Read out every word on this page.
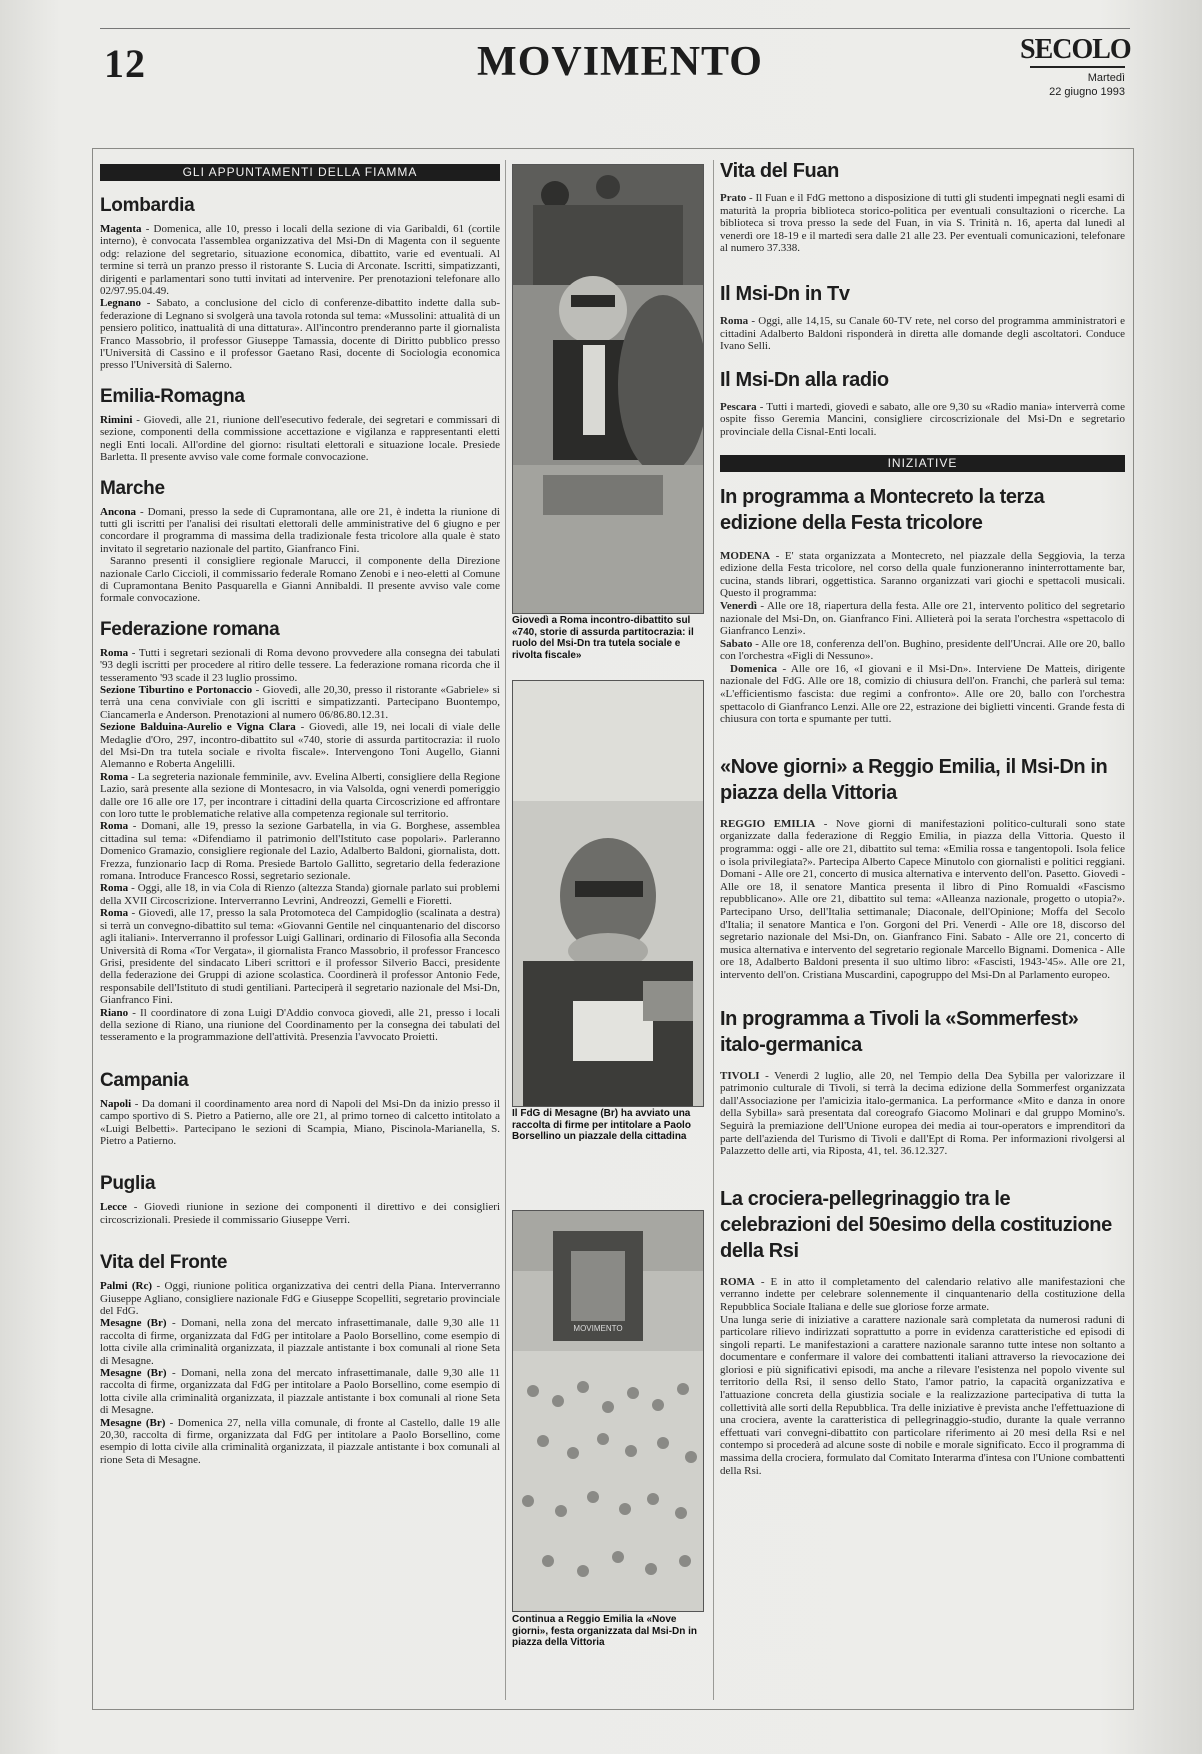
12	MOVIMENTO	SECOLO
Martedì
22 giugno 1993
GLI APPUNTAMENTI DELLA FIAMMA
Lombardia

Magenta - Domenica, alle 10, presso i locali della sezione di via Garibaldi, 61 (cortile interno), è convocata l'assemblea organizzativa del Msi-Dn di Magenta con il seguente odg: relazione del segretario, situazione economica, dibattito, varie ed eventuali. Al termine si terrà un pranzo presso il ristorante S. Lucia di Arconate. Iscritti, simpatizzanti, dirigenti e parlamentari sono tutti invitati ad intervenire. Per prenotazioni telefonare allo 02/97.95.04.49.

Legnano - Sabato, a conclusione del ciclo di conferenze-dibattito indette dalla sub-federazione di Legnano si svolgerà una tavola rotonda sul tema: «Mussolini: attualità di un pensiero politico, inattualità di una dittatura». All'incontro prenderanno parte il giornalista Franco Massobrio, il professor Giuseppe Tamassia, docente di Diritto pubblico presso l'Università di Cassino e il professor Gaetano Rasi, docente di Sociologia economica presso l'Università di Salerno.

Emilia-Romagna

Rimini - Giovedì, alle 21, riunione dell'esecutivo federale, dei segretari e commissari di sezione, componenti della commissione accettazione e vigilanza e rappresentanti eletti negli Enti locali. All'ordine del giorno: risultati elettorali e situazione locale. Presiede Barletta. Il presente avviso vale come formale convocazione.

Marche

Ancona - Domani, presso la sede di Cupramontana, alle ore 21, è indetta la riunione di tutti gli iscritti per l'analisi dei risultati elettorali delle amministrative del 6 giugno e per concordare il programma di massima della tradizionale festa tricolore alla quale è stato invitato il segretario nazionale del partito, Gianfranco Fini.

Saranno presenti il consigliere regionale Marucci, il componente della Direzione nazionale Carlo Ciccioli, il commissario federale Romano Zenobi e i neo-eletti al Comune di Cupramontana Benito Pasquarella e Gianni Annibaldi. Il presente avviso vale come formale convocazione.

Federazione romana

Roma - Tutti i segretari sezionali di Roma devono provvedere alla consegna dei tabulati '93 degli iscritti per procedere al ritiro delle tessere. La federazione romana ricorda che il tesseramento '93 scade il 23 luglio prossimo.

Sezione Tiburtino e Portonaccio - Giovedì, alle 20,30, presso il ristorante «Gabriele» si terrà una cena conviviale con gli iscritti e simpatizzanti. Partecipano Buontempo, Ciancamerla e Anderson. Prenotazioni al numero 06/86.80.12.31.

Sezione Balduina-Aurelio e Vigna Clara - Giovedì, alle 19, nei locali di viale delle Medaglie d'Oro, 297, incontro-dibattito sul «740, storie di assurda partitocrazia: il ruolo del Msi-Dn tra tutela sociale e rivolta fiscale». Intervengono Toni Augello, Gianni Alemanno e Roberta Angelilli.

Roma - La segreteria nazionale femminile, avv. Evelina Alberti, consigliere della Regione Lazio, sarà presente alla sezione di Montesacro, in via Valsolda, ogni venerdì pomeriggio dalle ore 16 alle ore 17, per incontrare i cittadini della quarta Circoscrizione ed affrontare con loro tutte le problematiche relative alla competenza regionale sul territorio.

Roma - Domani, alle 19, presso la sezione Garbatella, in via G. Borghese, assemblea cittadina sul tema: «Difendiamo il patrimonio dell'Istituto case popolari». Parleranno Domenico Gramazio, consigliere regionale del Lazio, Adalberto Baldoni, giornalista, dott. Frezza, funzionario Iacp di Roma. Presiede Bartolo Gallitto, segretario della federazione romana. Introduce Francesco Rossi, segretario sezionale.

Roma - Oggi, alle 18, in via Cola di Rienzo (altezza Standa) giornale parlato sui problemi della XVII Circoscrizione. Interverranno Levrini, Andreozzi, Gemelli e Fioretti.

Roma - Giovedì, alle 17, presso la sala Protomoteca del Campidoglio (scalinata a destra) si terrà un convegno-dibattito sul tema: «Giovanni Gentile nel cinquantenario del discorso agli italiani». Interverranno il professor Luigi Gallinari, ordinario di Filosofia alla Seconda Università di Roma «Tor Vergata», il giornalista Franco Massobrio, il professor Francesco Grisi, presidente del sindacato Liberi scrittori e il professor Silverio Bacci, presidente della federazione dei Gruppi di azione scolastica. Coordinerà il professor Antonio Fede, responsabile dell'Istituto di studi gentiliani. Parteciperà il segretario nazionale del Msi-Dn, Gianfranco Fini.

Riano - Il coordinatore di zona Luigi D'Addio convoca giovedì, alle 21, presso i locali della sezione di Riano, una riunione del Coordinamento per la consegna dei tabulati del tesseramento e la programmazione dell'attività. Presenzia l'avvocato Proietti.

Campania

Napoli - Da domani il coordinamento area nord di Napoli del Msi-Dn da inizio presso il campo sportivo di S. Pietro a Patierno, alle ore 21, al primo torneo di calcetto intitolato a «Luigi Belbetti». Partecipano le sezioni di Scampia, Miano, Piscinola-Marianella, S. Pietro a Patierno.

Puglia

Lecce - Giovedì riunione in sezione dei componenti il direttivo e dei consiglieri circoscrizionali. Presiede il commissario Giuseppe Verri.

Vita del Fronte

Palmi (Rc) - Oggi, riunione politica organizzativa dei centri della Piana. Interverranno Giuseppe Agliano, consigliere nazionale FdG e Giuseppe Scopelliti, segretario provinciale del FdG.

Mesagne (Br) - Domani, nella zona del mercato infrasettimanale, dalle 9,30 alle 11 raccolta di firme, organizzata dal FdG per intitolare a Paolo Borsellino, come esempio di lotta civile alla criminalità organizzata, il piazzale antistante i box comunali al rione Seta di Mesagne.

Mesagne (Br) - Domani, nella zona del mercato infrasettimanale, dalle 9,30 alle 11 raccolta di firme, organizzata dal FdG per intitolare a Paolo Borsellino, come esempio di lotta civile alla criminalità organizzata, il piazzale antistante i box comunali al rione Seta di Mesagne.

Mesagne (Br) - Domenica 27, nella villa comunale, di fronte al Castello, dalle 19 alle 20,30, raccolta di firme, organizzata dal FdG per intitolare a Paolo Borsellino, come esempio di lotta civile alla criminalità organizzata, il piazzale antistante i box comunali al rione Seta di Mesagne.

Giovedì a Roma incontro-dibattito sul «740, storie di assurda partitocrazia: il ruolo del Msi-Dn tra tutela sociale e rivolta fiscale»
Il FdG di Mesagne (Br) ha avviato una raccolta di firme per intitolare a Paolo Borsellino un piazzale della cittadina
MOVIMENTO
Continua a Reggio Emilia la «Nove giorni», festa organizzata dal Msi-Dn in piazza della Vittoria
Vita del Fuan

Prato - Il Fuan e il FdG mettono a disposizione di tutti gli studenti impegnati negli esami di maturità la propria biblioteca storico-politica per eventuali consultazioni o ricerche. La biblioteca si trova presso la sede del Fuan, in via S. Trinità n. 16, aperta dal lunedì al venerdì ore 18-19 e il martedì sera dalle 21 alle 23. Per eventuali comunicazioni, telefonare al numero 37.338.

Il Msi-Dn in Tv

Roma - Oggi, alle 14,15, su Canale 60-TV rete, nel corso del programma amministratori e cittadini Adalberto Baldoni risponderà in diretta alle domande degli ascoltatori. Conduce Ivano Selli.

Il Msi-Dn alla radio

Pescara - Tutti i martedì, giovedì e sabato, alle ore 9,30 su «Radio mania» interverrà come ospite fisso Geremia Mancini, consigliere circoscrizionale del Msi-Dn e segretario provinciale della Cisnal-Enti locali.

INIZIATIVE
In programma a Montecreto la terza edizione della Festa tricolore

MODENA - E' stata organizzata a Montecreto, nel piazzale della Seggiovia, la terza edizione della Festa tricolore, nel corso della quale funzioneranno ininterrottamente bar, cucina, stands librari, oggettistica. Saranno organizzati vari giochi e spettacoli musicali. Questo il programma:

Venerdì - Alle ore 18, riapertura della festa. Alle ore 21, intervento politico del segretario nazionale del Msi-Dn, on. Gianfranco Fini. Allieterà poi la serata l'orchestra «spettacolo di Gianfranco Lenzi».

Sabato - Alle ore 18, conferenza dell'on. Bughino, presidente dell'Uncrai. Alle ore 20, ballo con l'orchestra «Figli di Nessuno».

Domenica - Alle ore 16, «I giovani e il Msi-Dn». Interviene De Matteis, dirigente nazionale del FdG. Alle ore 18, comizio di chiusura dell'on. Franchi, che parlerà sul tema: «L'efficientismo fascista: due regimi a confronto». Alle ore 20, ballo con l'orchestra spettacolo di Gianfranco Lenzi. Alle ore 22, estrazione dei biglietti vincenti. Grande festa di chiusura con torta e spumante per tutti.

«Nove giorni» a Reggio Emilia, il Msi-Dn in piazza della Vittoria

REGGIO EMILIA - Nove giorni di manifestazioni politico-culturali sono state organizzate dalla federazione di Reggio Emilia, in piazza della Vittoria. Questo il programma: oggi - alle ore 21, dibattito sul tema: «Emilia rossa e tangentopoli. Isola felice o isola privilegiata?». Partecipa Alberto Capece Minutolo con giornalisti e politici reggiani. Domani - Alle ore 21, concerto di musica alternativa e intervento dell'on. Pasetto. Giovedì - Alle ore 18, il senatore Mantica presenta il libro di Pino Romualdi «Fascismo repubblicano». Alle ore 21, dibattito sul tema: «Alleanza nazionale, progetto o utopia?». Partecipano Urso, dell'Italia settimanale; Diaconale, dell'Opinione; Moffa del Secolo d'Italia; il senatore Mantica e l'on. Gorgoni del Pri. Venerdì - Alle ore 18, discorso del segretario nazionale del Msi-Dn, on. Gianfranco Fini. Sabato - Alle ore 21, concerto di musica alternativa e intervento del segretario regionale Marcello Bignami. Domenica - Alle ore 18, Adalberto Baldoni presenta il suo ultimo libro: «Fascisti, 1943-'45». Alle ore 21, intervento dell'on. Cristiana Muscardini, capogruppo del Msi-Dn al Parlamento europeo.

In programma a Tivoli la «Sommerfest» italo-germanica

TIVOLI - Venerdì 2 luglio, alle 20, nel Tempio della Dea Sybilla per valorizzare il patrimonio culturale di Tivoli, si terrà la decima edizione della Sommerfest organizzata dall'Associazione per l'amicizia italo-germanica. La performance «Mito e danza in onore della Sybilla» sarà presentata dal coreografo Giacomo Molinari e dal gruppo Momino's. Seguirà la premiazione dell'Unione europea dei media ai tour-operators e imprenditori da parte dell'azienda del Turismo di Tivoli e dall'Ept di Roma. Per informazioni rivolgersi al Palazzetto delle arti, via Riposta, 41, tel. 36.12.327.

La crociera-pellegrinaggio tra le celebrazioni del 50esimo della costituzione della Rsi

ROMA - E in atto il completamento del calendario relativo alle manifestazioni che verranno indette per celebrare solennemente il cinquantenario della costituzione della Repubblica Sociale Italiana e delle sue gloriose forze armate.

Una lunga serie di iniziative a carattere nazionale sarà completata da numerosi raduni di particolare rilievo indirizzati soprattutto a porre in evidenza caratteristiche ed episodi di singoli reparti. Le manifestazioni a carattere nazionale saranno tutte intese non soltanto a documentare e confermare il valore dei combattenti italiani attraverso la rievocazione dei gloriosi e più significativi episodi, ma anche a rilevare l'esistenza nel popolo vivente sul territorio della Rsi, il senso dello Stato, l'amor patrio, la capacità organizzativa e l'attuazione concreta della giustizia sociale e la realizzazione partecipativa di tutta la collettività alle sorti della Repubblica. Tra delle iniziative è prevista anche l'effettuazione di una crociera, avente la caratteristica di pellegrinaggio-studio, durante la quale verranno effettuati vari convegni-dibattito con particolare riferimento ai 20 mesi della Rsi e nel contempo si procederà ad alcune soste di nobile e morale significato. Ecco il programma di massima della crociera, formulato dal Comitato Interarma d'intesa con l'Unione combattenti della Rsi.
